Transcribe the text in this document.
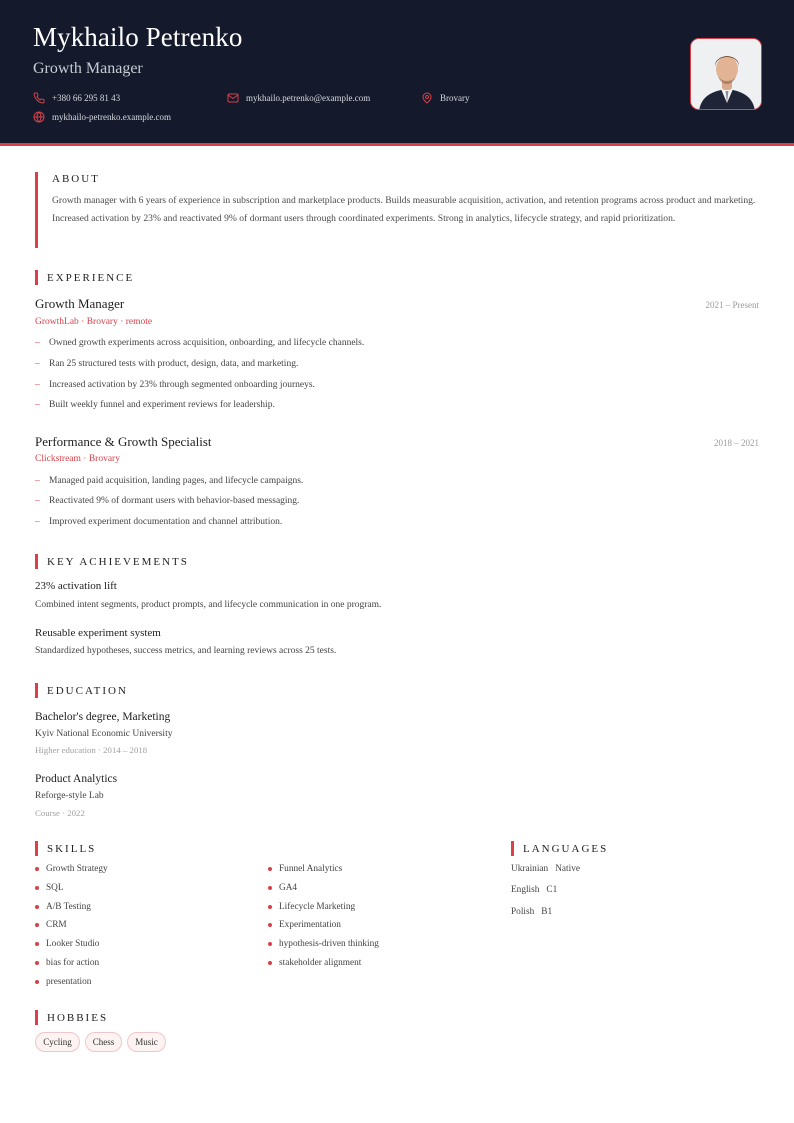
Mykhailo Petrenko
Growth Manager
+380 66 295 81 43	mykhailo.petrenko@example.com	Brovary
mykhailo-petrenko.example.com
ABOUT
Growth manager with 6 years of experience in subscription and marketplace products. Builds measurable acquisition, activation, and retention programs across product and marketing. Increased activation by 23% and reactivated 9% of dormant users through coordinated experiments. Strong in analytics, lifecycle strategy, and rapid prioritization.
EXPERIENCE
Growth Manager	2021 – Present
GrowthLab · Brovary · remote
– Owned growth experiments across acquisition, onboarding, and lifecycle channels.
– Ran 25 structured tests with product, design, data, and marketing.
– Increased activation by 23% through segmented onboarding journeys.
– Built weekly funnel and experiment reviews for leadership.
Performance & Growth Specialist	2018 – 2021
Clickstream · Brovary
– Managed paid acquisition, landing pages, and lifecycle campaigns.
– Reactivated 9% of dormant users with behavior-based messaging.
– Improved experiment documentation and channel attribution.
KEY ACHIEVEMENTS
23% activation lift
Combined intent segments, product prompts, and lifecycle communication in one program.
Reusable experiment system
Standardized hypotheses, success metrics, and learning reviews across 25 tests.
EDUCATION
Bachelor's degree, Marketing
Kyiv National Economic University
Higher education · 2014 – 2018
Product Analytics
Reforge-style Lab
Course · 2022
SKILLS
Growth Strategy
SQL
A/B Testing
CRM
Looker Studio
bias for action
presentation
Funnel Analytics
GA4
Lifecycle Marketing
Experimentation
hypothesis-driven thinking
stakeholder alignment
LANGUAGES
Ukrainian Native
English C1
Polish B1
HOBBIES
Cycling	Chess	Music
